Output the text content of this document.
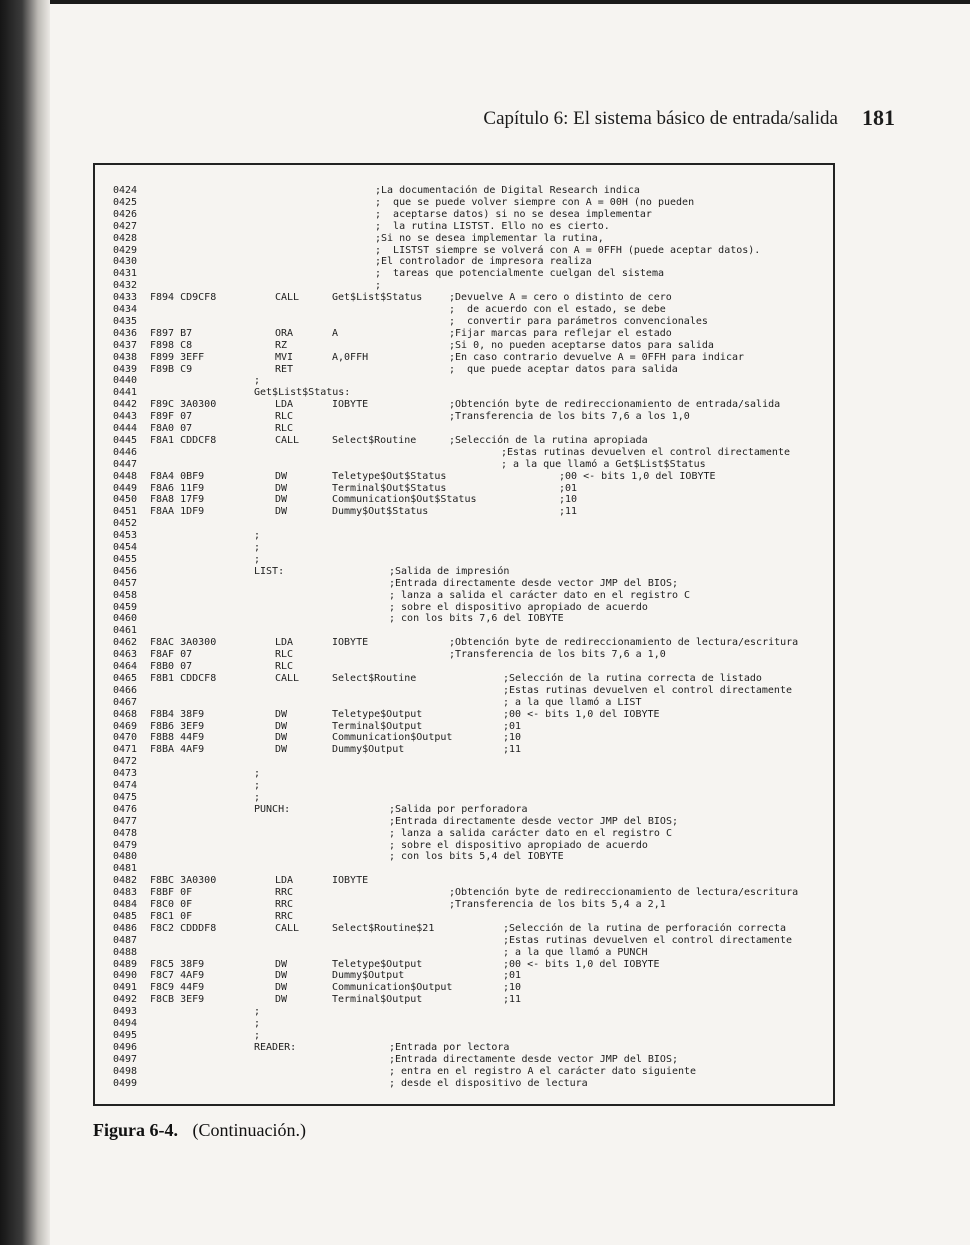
Capítulo 6: El sistema básico de entrada/salida 181
0424	;La documentación de Digital Research indica
0425	;  que se puede volver siempre con A = 00H (no pueden
0426	;  aceptarse datos) si no se desea implementar
0427	;  la rutina LISTST. Ello no es cierto.
0428	;Si no se desea implementar la rutina,
0429	;  LISTST siempre se volverá con A = 0FFH (puede aceptar datos).
0430	;El controlador de impresora realiza
0431	;  tareas que potencialmente cuelgan del sistema
0432	;
0433 F894 CD9CF8	CALL	Get$List$Status	;Devuelve A = cero o distinto de cero
0434	;  de acuerdo con el estado, se debe
0435	;  convertir para parámetros convencionales
0436 F897 B7	ORA	A	;Fijar marcas para reflejar el estado
0437 F898 C8	RZ	;Si 0, no pueden aceptarse datos para salida
0438 F899 3EFF	MVI	A,0FFH	;En caso contrario devuelve A = 0FFH para indicar
0439 F89B C9	RET	;  que puede aceptar datos para salida
0440	;
0441	Get$List$Status:
0442 F89C 3A0300	LDA	IOBYTE	;Obtención byte de redireccionamiento de entrada/salida
0443 F89F 07	RLC	;Transferencia de los bits 7,6 a los 1,0
0444 F8A0 07	RLC
0445 F8A1 CDDCF8	CALL	Select$Routine	;Selección de la rutina apropiada
0446	;Estas rutinas devuelven el control directamente
0447	; a la que llamó a Get$List$Status
0448 F8A4 0BF9	DW	Teletype$Out$Status	;00 <- bits 1,0 del IOBYTE
0449 F8A6 11F9	DW	Terminal$Out$Status	;01
0450 F8A8 17F9	DW	Communication$Out$Status	;10
0451 F8AA 1DF9	DW	Dummy$Out$Status	;11
0452
0453	;
0454	;
0455	;
0456	LIST:	;Salida de impresión
0457	;Entrada directamente desde vector JMP del BIOS;
0458	; lanza a salida el carácter dato en el registro C
0459	; sobre el dispositivo apropiado de acuerdo
0460	; con los bits 7,6 del IOBYTE
0461
0462 F8AC 3A0300	LDA	IOBYTE	;Obtención byte de redireccionamiento de lectura/escritura
0463 F8AF 07	RLC	;Transferencia de los bits 7,6 a 1,0
0464 F8B0 07	RLC
0465 F8B1 CDDCF8	CALL	Select$Routine	;Selección de la rutina correcta de listado
0466	;Estas rutinas devuelven el control directamente
0467	; a la que llamó a LIST
0468 F8B4 38F9	DW	Teletype$Output	;00 <- bits 1,0 del IOBYTE
0469 F8B6 3EF9	DW	Terminal$Output	;01
0470 F8B8 44F9	DW	Communication$Output	;10
0471 F8BA 4AF9	DW	Dummy$Output	;11
0472
0473	;
0474	;
0475	;
0476	PUNCH:	;Salida por perforadora
0477	;Entrada directamente desde vector JMP del BIOS;
0478	; lanza a salida carácter dato en el registro C
0479	; sobre el dispositivo apropiado de acuerdo
0480	; con los bits 5,4 del IOBYTE
0481
0482 F8BC 3A0300	LDA	IOBYTE
0483 F8BF 0F	RRC	;Obtención byte de redireccionamiento de lectura/escritura
0484 F8C0 0F	RRC	;Transferencia de los bits 5,4 a 2,1
0485 F8C1 0F	RRC
0486 F8C2 CDDDF8	CALL	Select$Routine$21	;Selección de la rutina de perforación correcta
0487	;Estas rutinas devuelven el control directamente
0488	; a la que llamó a PUNCH
0489 F8C5 38F9	DW	Teletype$Output	;00 <- bits 1,0 del IOBYTE
0490 F8C7 4AF9	DW	Dummy$Output	;01
0491 F8C9 44F9	DW	Communication$Output	;10
0492 F8CB 3EF9	DW	Terminal$Output	;11
0493	;
0494	;
0495	;
0496	READER:	;Entrada por lectora
0497	;Entrada directamente desde vector JMP del BIOS;
0498	; entra en el registro A el carácter dato siguiente
0499	; desde el dispositivo de lectura
Figura 6-4. (Continuación.)
